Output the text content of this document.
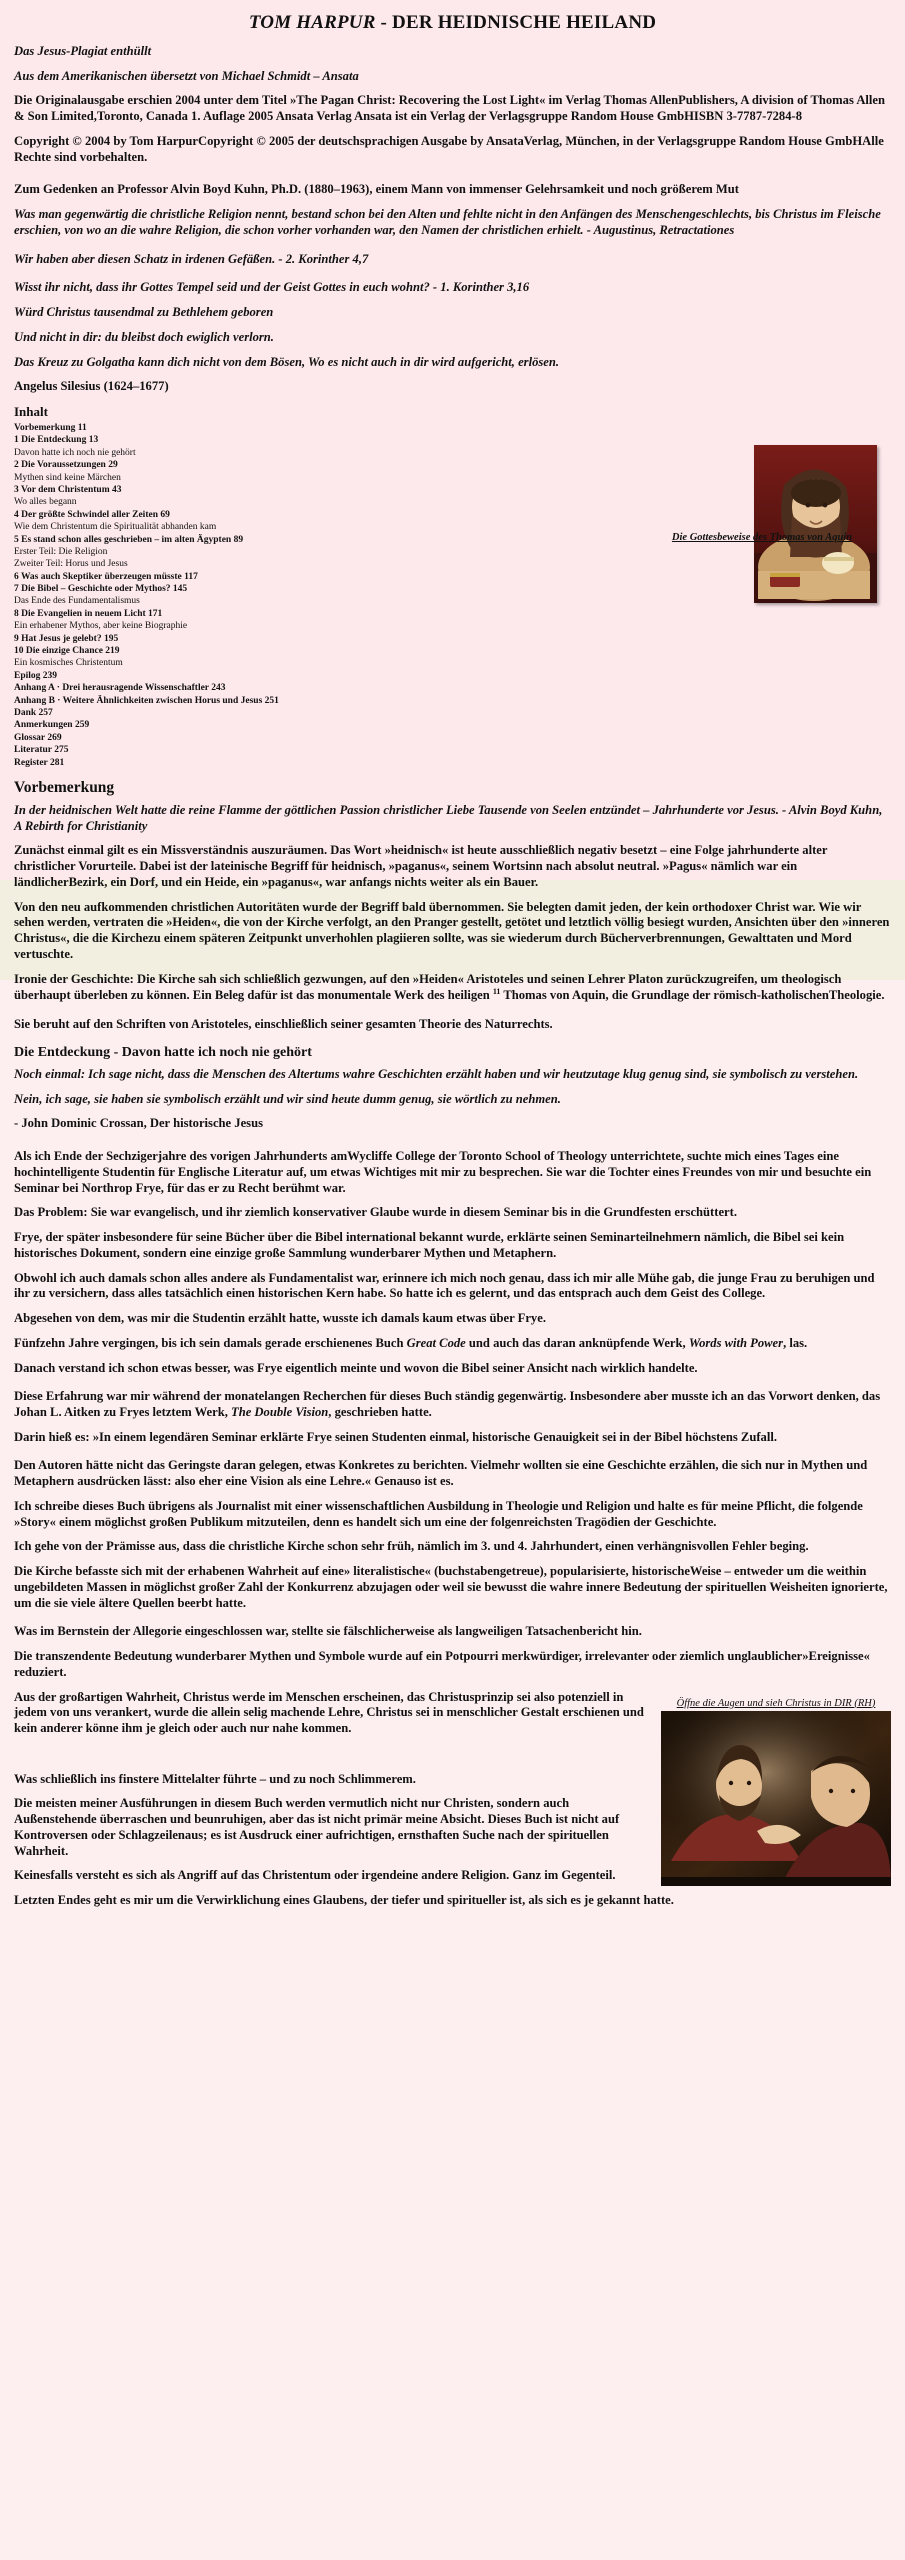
TOM HARPUR - DER HEIDNISCHE HEILAND

Das Jesus-Plagiat enthüllt

Aus dem Amerikanischen übersetzt von Michael Schmidt – Ansata

Die Originalausgabe erschien 2004 unter dem Titel »The Pagan Christ: Recovering the Lost Light« im Verlag Thomas AllenPublishers, A division of Thomas Allen & Son Limited,Toronto, Canada 1. Auflage 2005 Ansata Verlag Ansata ist ein Verlag der Verlagsgruppe Random House GmbHISBN 3-7787-7284-8

Copyright © 2004 by Tom HarpurCopyright © 2005 der deutschsprachigen Ausgabe by AnsataVerlag, München, in der Verlagsgruppe Random House GmbHAlle Rechte sind vorbehalten.

Zum Gedenken an Professor Alvin Boyd Kuhn, Ph.D. (1880–1963), einem Mann von immenser Gelehrsamkeit und noch größerem Mut

Was man gegenwärtig die christliche Religion nennt, bestand schon bei den Alten und fehlte nicht in den Anfängen des Menschengeschlechts, bis Christus im Fleische erschien, von wo an die wahre Religion, die schon vorher vorhanden war, den Namen der christlichen erhielt. - Augustinus, Retractationes

Wir haben aber diesen Schatz in irdenen Gefäßen. - 2. Korinther 4,7

Wisst ihr nicht, dass ihr Gottes Tempel seid und der Geist Gottes in euch wohnt? - 1. Korinther 3,16

Würd Christus tausendmal zu Bethlehem geboren

Und nicht in dir: du bleibst doch ewiglich verlorn.

Das Kreuz zu Golgatha kann dich nicht von dem Bösen, Wo es nicht auch in dir wird aufgericht, erlösen.

Angelus Silesius (1624–1677)

Inhalt
Vorbemerkung 11
1 Die Entdeckung 13
Davon hatte ich noch nie gehört
2 Die Voraussetzungen 29
Mythen sind keine Märchen
3 Vor dem Christentum 43
Wo alles begann
4 Der größte Schwindel aller Zeiten 69
Wie dem Christentum die Spiritualität abhanden kam
5 Es stand schon alles geschrieben – im alten Ägypten 89
Erster Teil: Die Religion
Zweiter Teil: Horus und Jesus
6 Was auch Skeptiker überzeugen müsste 117
7 Die Bibel – Geschichte oder Mythos? 145
Das Ende des Fundamentalismus
8 Die Evangelien in neuem Licht 171
Ein erhabener Mythos, aber keine Biographie
9 Hat Jesus je gelebt? 195
10 Die einzige Chance 219
Ein kosmisches Christentum
Epilog 239
Anhang A · Drei herausragende Wissenschaftler 243
Anhang B · Weitere Ähnlichkeiten zwischen Horus und Jesus 251
Dank 257
Anmerkungen 259
Glossar 269
Literatur 275
Register 281
Die Gottesbeweise des Thomas von Aquin
Vorbemerkung

In der heidnischen Welt hatte die reine Flamme der göttlichen Passion christlicher Liebe Tausende von Seelen entzündet – Jahrhunderte vor Jesus. - Alvin Boyd Kuhn, A Rebirth for Christianity

Zunächst einmal gilt es ein Missverständnis auszuräumen. Das Wort »heidnisch« ist heute ausschließlich negativ besetzt – eine Folge jahrhunderte alter christlicher Vorurteile. Dabei ist der lateinische Begriff für heidnisch, »paganus«, seinem Wortsinn nach absolut neutral. »Pagus« nämlich war ein ländlicherBezirk, ein Dorf, und ein Heide, ein »paganus«, war anfangs nichts weiter als ein Bauer.

Von den neu aufkommenden christlichen Autoritäten wurde der Begriff bald übernommen. Sie belegten damit jeden, der kein orthodoxer Christ war. Wie wir sehen werden, vertraten die »Heiden«, die von der Kirche verfolgt, an den Pranger gestellt, getötet und letztlich völlig besiegt wurden, Ansichten über den »inneren Christus«, die die Kirchezu einem späteren Zeitpunkt unverhohlen plagiieren sollte, was sie wiederum durch Bücherverbrennungen, Gewalttaten und Mord vertuschte.

Ironie der Geschichte: Die Kirche sah sich schließlich gezwungen, auf den »Heiden« Aristoteles und seinen Lehrer Platon zurückzugreifen, um theologisch überhaupt überleben zu können. Ein Beleg dafür ist das monumentale Werk des heiligen $^{11}$ Thomas von Aquin, die Grundlage der römisch-katholischenTheologie.

Sie beruht auf den Schriften von Aristoteles, einschließlich seiner gesamten Theorie des Naturrechts.

Die Entdeckung - Davon hatte ich noch nie gehört

Noch einmal: Ich sage nicht, dass die Menschen des Altertums wahre Geschichten erzählt haben und wir heutzutage klug genug sind, sie symbolisch zu verstehen.

Nein, ich sage, sie haben sie symbolisch erzählt und wir sind heute dumm genug, sie wörtlich zu nehmen.

- John Dominic Crossan, Der historische Jesus

Als ich Ende der Sechzigerjahre des vorigen Jahrhunderts amWycliffe College der Toronto School of Theology unterrichtete, suchte mich eines Tages eine hochintelligente Studentin für Englische Literatur auf, um etwas Wichtiges mit mir zu besprechen. Sie war die Tochter eines Freundes von mir und besuchte ein Seminar bei Northrop Frye, für das er zu Recht berühmt war.

Das Problem: Sie war evangelisch, und ihr ziemlich konservativer Glaube wurde in diesem Seminar bis in die Grundfesten erschüttert.

Frye, der später insbesondere für seine Bücher über die Bibel international bekannt wurde, erklärte seinen Seminarteilnehmern nämlich, die Bibel sei kein historisches Dokument, sondern eine einzige große Sammlung wunderbarer Mythen und Metaphern.

Obwohl ich auch damals schon alles andere als Fundamentalist war, erinnere ich mich noch genau, dass ich mir alle Mühe gab, die junge Frau zu beruhigen und ihr zu versichern, dass alles tatsächlich einen historischen Kern habe. So hatte ich es gelernt, und das entsprach auch dem Geist des College.

Abgesehen von dem, was mir die Studentin erzählt hatte, wusste ich damals kaum etwas über Frye.

Fünfzehn Jahre vergingen, bis ich sein damals gerade erschienenes Buch Great Code und auch das daran anknüpfende Werk, Words with Power, las.

Danach verstand ich schon etwas besser, was Frye eigentlich meinte und wovon die Bibel seiner Ansicht nach wirklich handelte.

Diese Erfahrung war mir während der monatelangen Recherchen für dieses Buch ständig gegenwärtig. Insbesondere aber musste ich an das Vorwort denken, das Johan L. Aitken zu Fryes letztem Werk, The Double Vision, geschrieben hatte.

Darin hieß es: »In einem legendären Seminar erklärte Frye seinen Studenten einmal, historische Genauigkeit sei in der Bibel höchstens Zufall.

Den Autoren hätte nicht das Geringste daran gelegen, etwas Konkretes zu berichten. Vielmehr wollten sie eine Geschichte erzählen, die sich nur in Mythen und Metaphern ausdrücken lässt: also eher eine Vision als eine Lehre.« Genauso ist es.

Ich schreibe dieses Buch übrigens als Journalist mit einer wissenschaftlichen Ausbildung in Theologie und Religion und halte es für meine Pflicht, die folgende »Story« einem möglichst großen Publikum mitzuteilen, denn es handelt sich um eine der folgenreichsten Tragödien der Geschichte.

Ich gehe von der Prämisse aus, dass die christliche Kirche schon sehr früh, nämlich im 3. und 4. Jahrhundert, einen verhängnisvollen Fehler beging.

Die Kirche befasste sich mit der erhabenen Wahrheit auf eine» literalistische« (buchstabengetreue), popularisierte, historischeWeise – entweder um die weithin ungebildeten Massen in möglichst großer Zahl der Konkurrenz abzujagen oder weil sie bewusst die wahre innere Bedeutung der spirituellen Weisheiten ignorierte, um die sie viele ältere Quellen beerbt hatte.

Was im Bernstein der Allegorie eingeschlossen war, stellte sie fälschlicherweise als langweiligen Tatsachenbericht hin.

Die transzendente Bedeutung wunderbarer Mythen und Symbole wurde auf ein Potpourri merkwürdiger, irrelevanter oder ziemlich unglaublicher»Ereignisse« reduziert.

Öffne die Augen und sieh Christus in DIR (RH)

Aus der großartigen Wahrheit, Christus werde im Menschen erscheinen, das Christusprinzip sei also potenziell in jedem von uns verankert, wurde die allein selig machende Lehre, Christus sei in menschlicher Gestalt erschienen und kein anderer könne ihm je gleich oder auch nur nahe kommen.

Was schließlich ins finstere Mittelalter führte – und zu noch Schlimmerem.

Die meisten meiner Ausführungen in diesem Buch werden vermutlich nicht nur Christen, sondern auch Außenstehende überraschen und beunruhigen, aber das ist nicht primär meine Absicht. Dieses Buch ist nicht auf Kontroversen oder Schlagzeilenaus; es ist Ausdruck einer aufrichtigen, ernsthaften Suche nach der spirituellen Wahrheit.

Keinesfalls versteht es sich als Angriff auf das Christentum oder irgendeine andere Religion. Ganz im Gegenteil.

Letzten Endes geht es mir um die Verwirklichung eines Glaubens, der tiefer und spiritueller ist, als sich es je gekannt hatte.
